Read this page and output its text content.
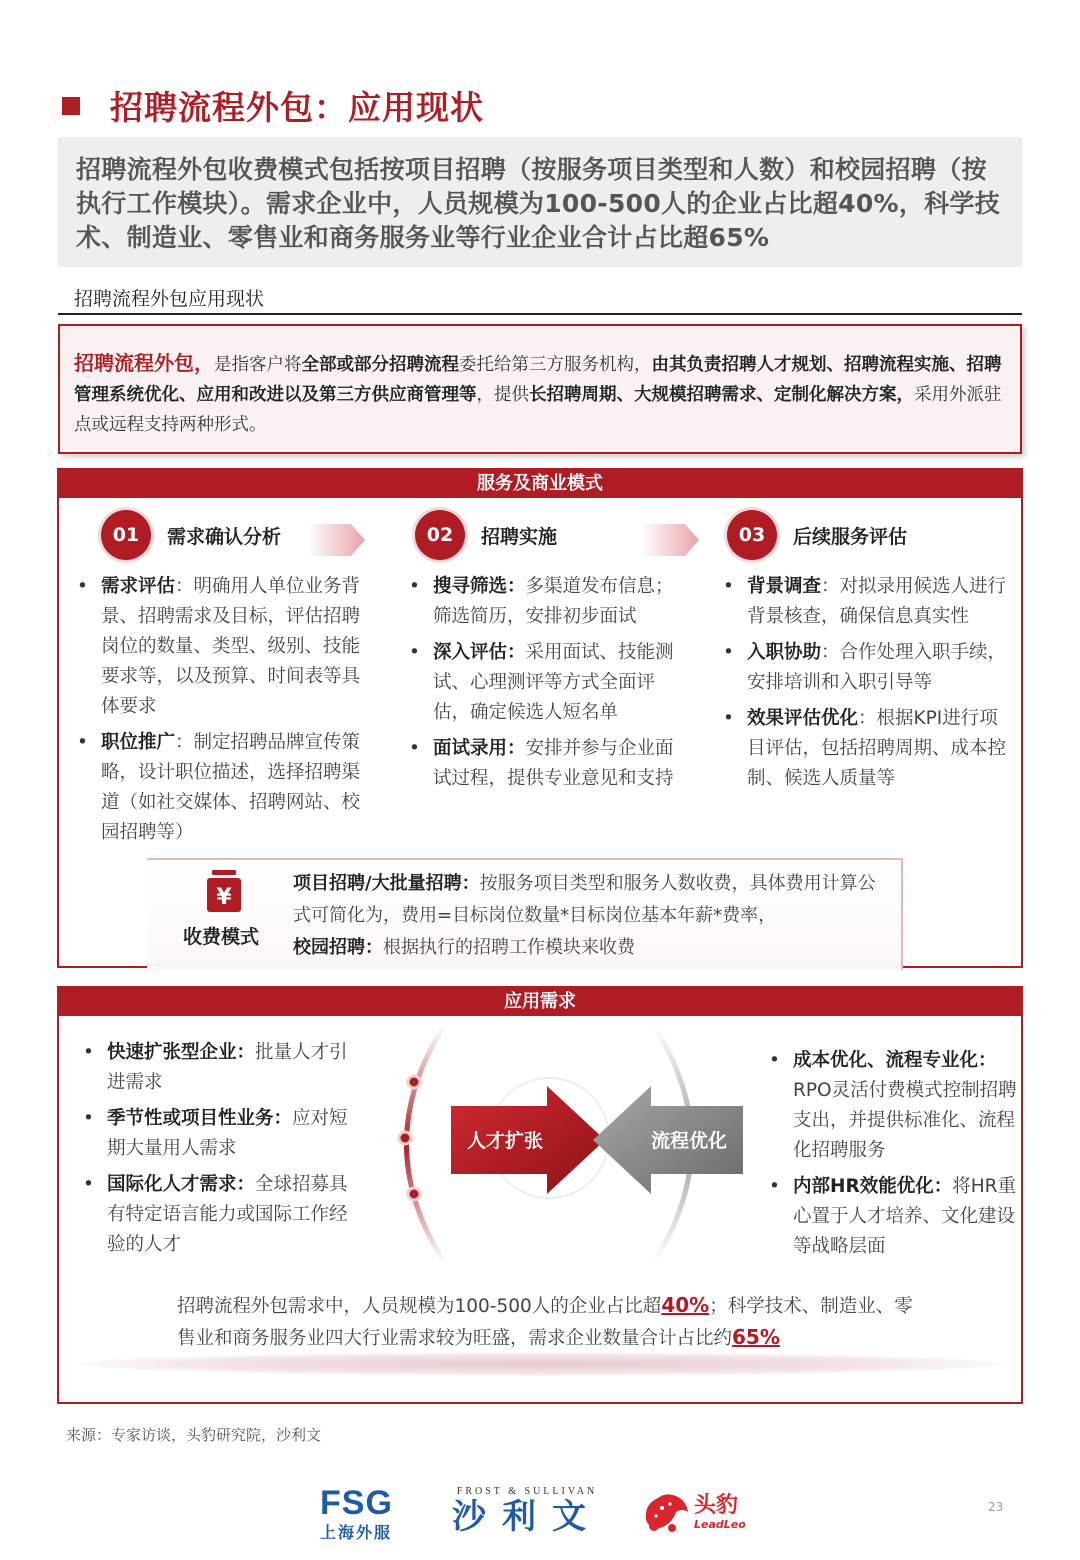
招聘流程外包：应用现状
招聘流程外包收费模式包括按项目招聘（按服务项目类型和人数）和校园招聘（按执行工作模块）。需求企业中，人员规模为100-500人的企业占比超40%，科学技术、制造业、零售业和商务服务业等行业企业合计占比超65%
招聘流程外包应用现状
招聘流程外包，是指客户将全部或部分招聘流程委托给第三方服务机构，由其负责招聘人才规划、招聘流程实施、招聘管理系统优化、应用和改进以及第三方供应商管理等，提供长招聘周期、大规模招聘需求、定制化解决方案，采用外派驻点或远程支持两种形式。
服务及商业模式
01	需求确认分析	02	招聘实施	03	后续服务评估
• 需求评估：明确用人单位业务背景、招聘需求及目标，评估招聘岗位的数量、类型、级别、技能要求等，以及预算、时间表等具体要求
• 职位推广：制定招聘品牌宣传策略，设计职位描述，选择招聘渠道（如社交媒体、招聘网站、校园招聘等）
• 搜寻筛选：多渠道发布信息；筛选简历，安排初步面试
• 深入评估：采用面试、技能测试、心理测评等方式全面评估，确定候选人短名单
• 面试录用：安排并参与企业面试过程，提供专业意见和支持
• 背景调查：对拟录用候选人进行背景核查，确保信息真实性
• 入职协助：合作处理入职手续，安排培训和入职引导等
• 效果评估优化：根据KPI进行项目评估，包括招聘周期、成本控制、候选人质量等
¥
收费模式
项目招聘/大批量招聘：按服务项目类型和服务人数收费，具体费用计算公式可简化为，费用=目标岗位数量*目标岗位基本年薪*费率，
校园招聘：根据执行的招聘工作模块来收费
应用需求
• 快速扩张型企业：批量人才引进需求
• 季节性或项目性业务：应对短期大量用人需求
• 国际化人才需求：全球招募具有特定语言能力或国际工作经验的人才
人才扩张	流程优化
• 成本优化、流程专业化：RPO灵活付费模式控制招聘支出，并提供标准化、流程化招聘服务
• 内部HR效能优化：将HR重心置于人才培养、文化建设等战略层面
招聘流程外包需求中，人员规模为100-500人的企业占比超40%；科学技术、制造业、零售业和商务服务业四大行业需求较为旺盛，需求企业数量合计占比约65%
来源：专家访谈，头豹研究院，沙利文
FSG
上海外服
FROST & SULLIVAN
沙利文	头豹
LeadLeo
23
